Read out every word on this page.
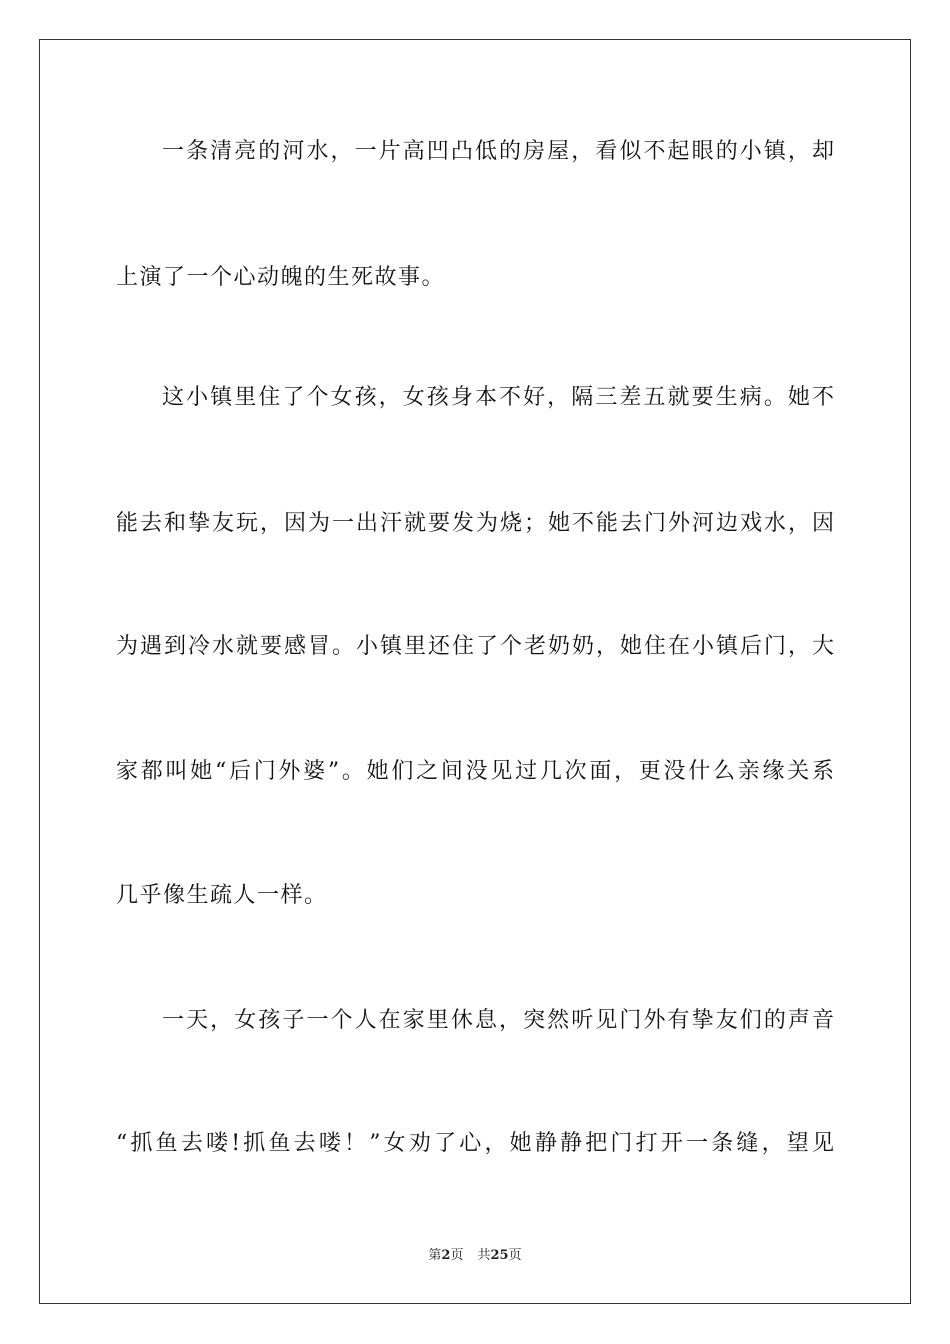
一条清亮的河水，一片高凹凸低的房屋，看似不起眼的小镇，却
上演了一个心动魄的生死故事。
这小镇里住了个女孩，女孩身本不好，隔三差五就要生病。她不
能去和挚友玩，因为一出汗就要发为烧；她不能去门外河边戏水，因
为遇到冷水就要感冒。小镇里还住了个老奶奶，她住在小镇后门，大
家都叫她“后门外婆”。她们之间没见过几次面，更没什么亲缘关系
几乎像生疏人一样。
一天，女孩子一个人在家里休息，突然听见门外有挚友们的声音
“抓鱼去喽!抓鱼去喽！”女劝了心，她静静把门打开一条缝，望见
第2页 共25页
